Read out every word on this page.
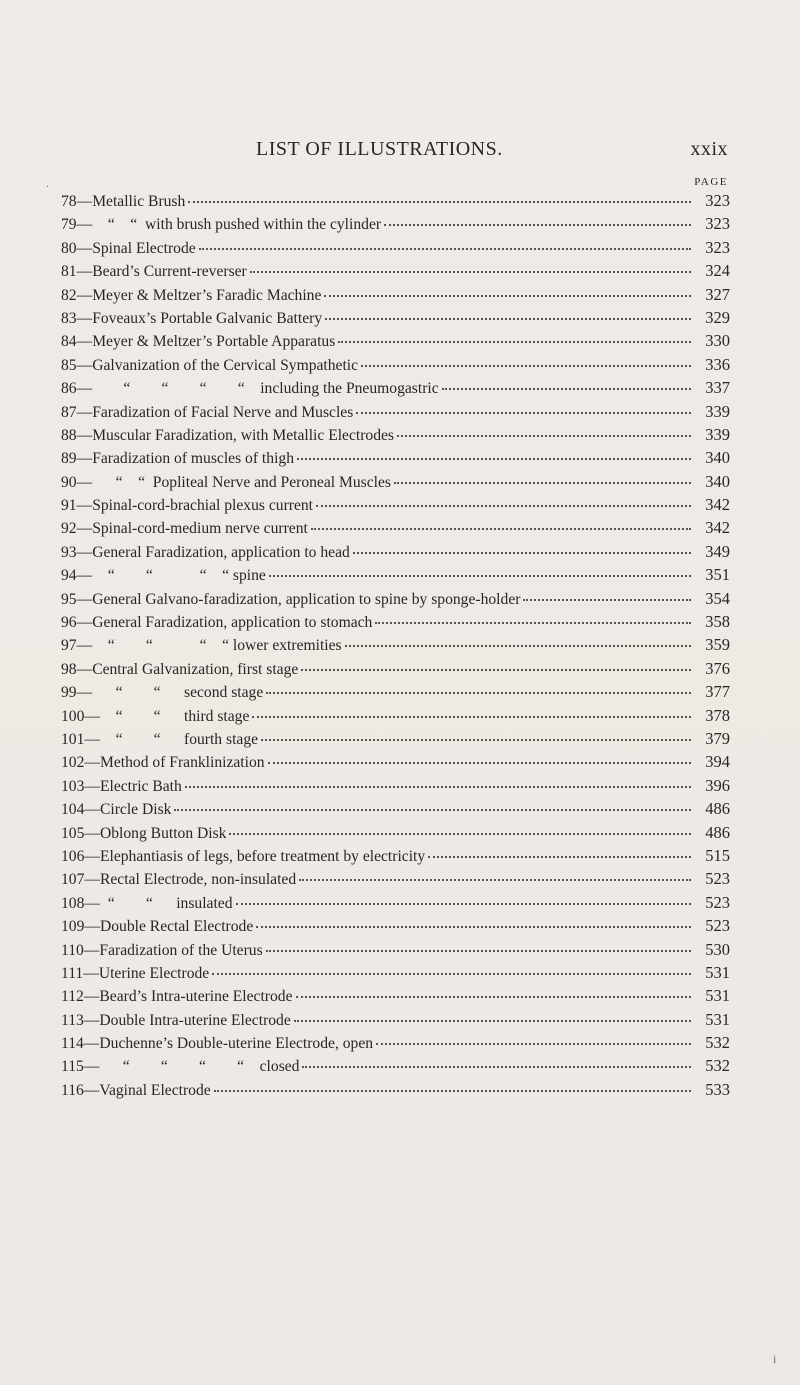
LIST OF ILLUSTRATIONS.	xxix
PAGE
78—Metallic Brush	323
79—    “    “  with brush pushed within the cylinder	323
80—Spinal Electrode	323
81—Beard’s Current-reverser	324
82—Meyer & Meltzer’s Faradic Machine	327
83—Foveaux’s Portable Galvanic Battery	329
84—Meyer & Meltzer’s Portable Apparatus	330
85—Galvanization of the Cervical Sympathetic	336
86—        “        “        “        “    including the Pneumogastric	337
87—Faradization of Facial Nerve and Muscles	339
88—Muscular Faradization, with Metallic Electrodes	339
89—Faradization of muscles of thigh	340
90—      “    “  Popliteal Nerve and Peroneal Muscles	340
91—Spinal-cord-brachial plexus current	342
92—Spinal-cord-medium nerve current	342
93—General Faradization, application to head	349
94—    “        “            “    “ spine	351
95—General Galvano-faradization, application to spine by sponge-holder	354
96—General Faradization, application to stomach	358
97—    “        “            “    “ lower extremities	359
98—Central Galvanization, first stage	376
99—      “        “      second stage	377
100—    “        “      third stage	378
101—    “        “      fourth stage	379
102—Method of Franklinization	394
103—Electric Bath	396
104—Circle Disk	486
105—Oblong Button Disk	486
106—Elephantiasis of legs, before treatment by electricity	515
107—Rectal Electrode, non-insulated	523
108—  “        “      insulated	523
109—Double Rectal Electrode	523
110—Faradization of the Uterus	530
111—Uterine Electrode	531
112—Beard’s Intra-uterine Electrode	531
113—Double Intra-uterine Electrode	531
114—Duchenne’s Double-uterine Electrode, open	532
115—      “        “        “        “    closed	532
116—Vaginal Electrode	533
.
i
